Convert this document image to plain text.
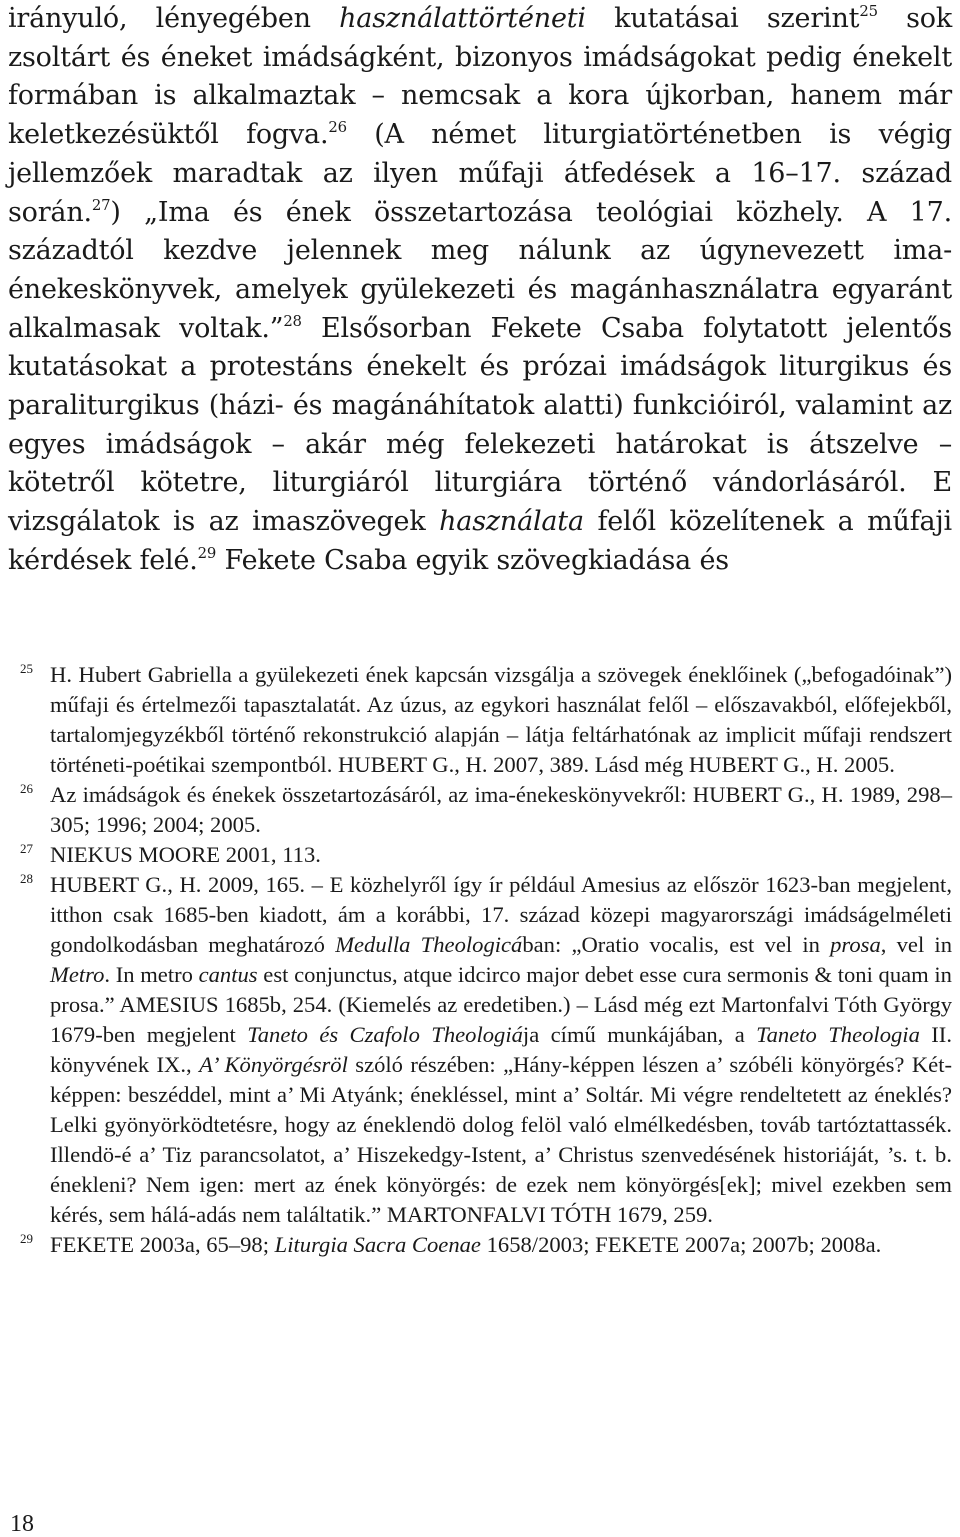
irányuló, lényegében használattörténeti kutatásai szerint$^{25}$ sok zsoltárt és éneket imádságként, bizonyos imádságokat pedig énekelt formában is alkalmaztak – nemcsak a kora újkorban, hanem már keletkezésüktől fogva.$^{26}$ (A német liturgiatörténetben is végig jellemzőek maradtak az ilyen műfaji átfedések a 16–17. század során.$^{27}$) „Ima és ének összetartozása teológiai közhely. A 17. századtól kezdve jelennek meg nálunk az úgynevezett ima-énekeskönyvek, amelyek gyülekezeti és magánhasználatra egyaránt alkalmasak voltak.”$^{28}$ Elsősorban Fekete Csaba folytatott jelentős kutatásokat a protestáns énekelt és prózai imádságok liturgikus és paraliturgikus (házi- és magánáhítatok alatti) funkcióiról, valamint az egyes imádságok – akár még felekezeti határokat is átszelve – kötetről kötetre, liturgiáról liturgiára történő vándorlásáról. E vizsgálatok is az imaszövegek használata felől közelítenek a műfaji kérdések felé.$^{29}$ Fekete Csaba egyik szövegkiadása és

25 H. Hubert Gabriella a gyülekezeti ének kapcsán vizsgálja a szövegek éneklőinek („befogadóinak”) műfaji és értelmezői tapasztalatát. Az úzus, az egykori használat felől – előszavakból, előfejekből, tartalomjegyzékből történő rekonstrukció alapján – látja feltárhatónak az implicit műfaji rendszert történeti-poétikai szempontból. HUBERT G., H. 2007, 389. Lásd még HUBERT G., H. 2005.
26 Az imádságok és énekek összetartozásáról, az ima-énekeskönyvekről: HUBERT G., H. 1989, 298–305; 1996; 2004; 2005.
27 NIEKUS MOORE 2001, 113.
28 HUBERT G., H. 2009, 165. – E közhelyről így ír például Amesius az először 1623-ban megjelent, itthon csak 1685-ben kiadott, ám a korábbi, 17. század közepi magyarországi imádságelméleti gondolkodásban meghatározó Medulla Theologicában: „Oratio vocalis, est vel in prosa, vel in Metro. In metro cantus est conjunctus, atque idcirco major debet esse cura sermonis & toni quam in prosa.” AMESIUS 1685b, 254. (Kiemelés az eredetiben.) – Lásd még ezt Martonfalvi Tóth György 1679-ben megjelent Taneto és Czafolo Theologiája című munkájában, a Taneto Theologia II. könyvének IX., A’ Könyörgésröl szóló részében: „Hány-képpen lészen a’ szóbéli könyörgés? Két-képpen: beszéddel, mint a’ Mi Atyánk; énekléssel, mint a’ Soltár. Mi végre rendeltetett az éneklés? Lelki gyönyörködtetésre, hogy az éneklendö dolog felöl való elmélkedésben, továb tartóztattassék. Illendö-é a’ Tiz parancsolatot, a’ Hiszekedgy-Istent, a’ Christus szenvedésének historiáját, ’s. t. b. énekleni? Nem igen: mert az ének könyörgés: de ezek nem könyörgés[ek]; mivel ezekben sem kérés, sem hálá-adás nem találtatik.” MARTONFALVI TÓTH 1679, 259.
29 FEKETE 2003a, 65–98; Liturgia Sacra Coenae 1658/2003; FEKETE 2007a; 2007b; 2008a.
18
